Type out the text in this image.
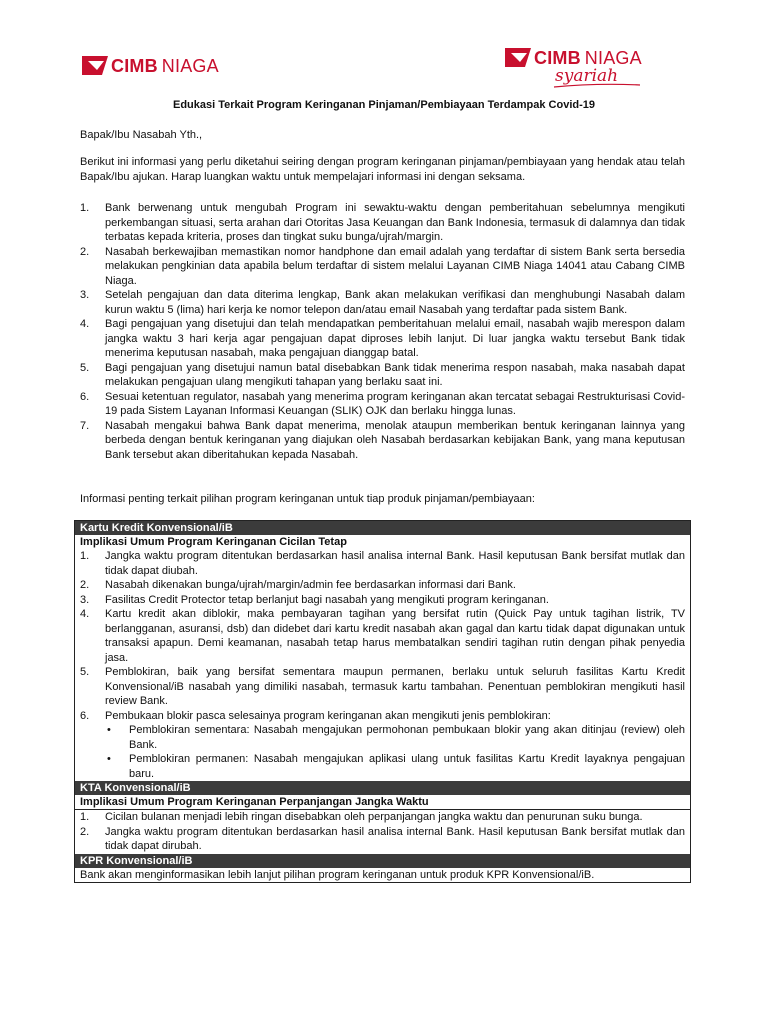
CIMB NIAGA	CIMB NIAGA
syariah
Edukasi Terkait Program Keringanan Pinjaman/Pembiayaan Terdampak Covid-19
Bapak/Ibu Nasabah Yth.,
Berikut ini informasi yang perlu diketahui seiring dengan program keringanan pinjaman/pembiayaan yang hendak atau telah Bapak/Ibu ajukan. Harap luangkan waktu untuk mempelajari informasi ini dengan seksama.
1.	Bank berwenang untuk mengubah Program ini sewaktu-waktu dengan pemberitahuan sebelumnya mengikuti perkembangan situasi, serta arahan dari Otoritas Jasa Keuangan dan Bank Indonesia, termasuk di dalamnya dan tidak terbatas kepada kriteria, proses dan tingkat suku bunga/ujrah/margin.
2.	Nasabah berkewajiban memastikan nomor handphone dan email adalah yang terdaftar di sistem Bank serta bersedia melakukan pengkinian data apabila belum terdaftar di sistem melalui Layanan CIMB Niaga 14041 atau Cabang CIMB Niaga.
3.	Setelah pengajuan dan data diterima lengkap, Bank akan melakukan verifikasi dan menghubungi Nasabah dalam kurun waktu 5 (lima) hari kerja ke nomor telepon dan/atau email Nasabah yang terdaftar pada sistem Bank.
4.	Bagi pengajuan yang disetujui dan telah mendapatkan pemberitahuan melalui email, nasabah wajib merespon dalam jangka waktu 3 hari kerja agar pengajuan dapat diproses lebih lanjut. Di luar jangka waktu tersebut Bank tidak menerima keputusan nasabah, maka pengajuan dianggap batal.
5.	Bagi pengajuan yang disetujui namun batal disebabkan Bank tidak menerima respon nasabah, maka nasabah dapat melakukan pengajuan ulang mengikuti tahapan yang berlaku saat ini.
6.	Sesuai ketentuan regulator, nasabah yang menerima program keringanan akan tercatat sebagai Restrukturisasi Covid-19 pada Sistem Layanan Informasi Keuangan (SLIK) OJK dan berlaku hingga lunas.
7.	Nasabah mengakui bahwa Bank dapat menerima, menolak ataupun memberikan bentuk keringanan lainnya yang berbeda dengan bentuk keringanan yang diajukan oleh Nasabah berdasarkan kebijakan Bank, yang mana keputusan Bank tersebut akan diberitahukan kepada Nasabah.
Informasi penting terkait pilihan program keringanan untuk tiap produk pinjaman/pembiayaan:
Kartu Kredit Konvensional/iB
Implikasi Umum Program Keringanan Cicilan Tetap
1.	Jangka waktu program ditentukan berdasarkan hasil analisa internal Bank. Hasil keputusan Bank bersifat mutlak dan tidak dapat diubah.
2.	Nasabah dikenakan bunga/ujrah/margin/admin fee berdasarkan informasi dari Bank.
3.	Fasilitas Credit Protector tetap berlanjut bagi nasabah yang mengikuti program keringanan.
4.	Kartu kredit akan diblokir, maka pembayaran tagihan yang bersifat rutin (Quick Pay untuk tagihan listrik, TV berlangganan, asuransi, dsb) dan didebet dari kartu kredit nasabah akan gagal dan kartu tidak dapat digunakan untuk transaksi apapun. Demi keamanan, nasabah tetap harus membatalkan sendiri tagihan rutin dengan pihak penyedia jasa.
5.	Pemblokiran, baik yang bersifat sementara maupun permanen, berlaku untuk seluruh fasilitas Kartu Kredit Konvensional/iB nasabah yang dimiliki nasabah, termasuk kartu tambahan. Penentuan pemblokiran mengikuti hasil review Bank.
6.	Pembukaan blokir pasca selesainya program keringanan akan mengikuti jenis pemblokiran:
•	Pemblokiran sementara: Nasabah mengajukan permohonan pembukaan blokir yang akan ditinjau (review) oleh Bank.
•	Pemblokiran permanen: Nasabah mengajukan aplikasi ulang untuk fasilitas Kartu Kredit layaknya pengajuan baru.
KTA Konvensional/iB
Implikasi Umum Program Keringanan Perpanjangan Jangka Waktu
1.	Cicilan bulanan menjadi lebih ringan disebabkan oleh perpanjangan jangka waktu dan penurunan suku bunga.
2.	Jangka waktu program ditentukan berdasarkan hasil analisa internal Bank. Hasil keputusan Bank bersifat mutlak dan tidak dapat dirubah.
KPR Konvensional/iB
Bank akan menginformasikan lebih lanjut pilihan program keringanan untuk produk KPR Konvensional/iB.
